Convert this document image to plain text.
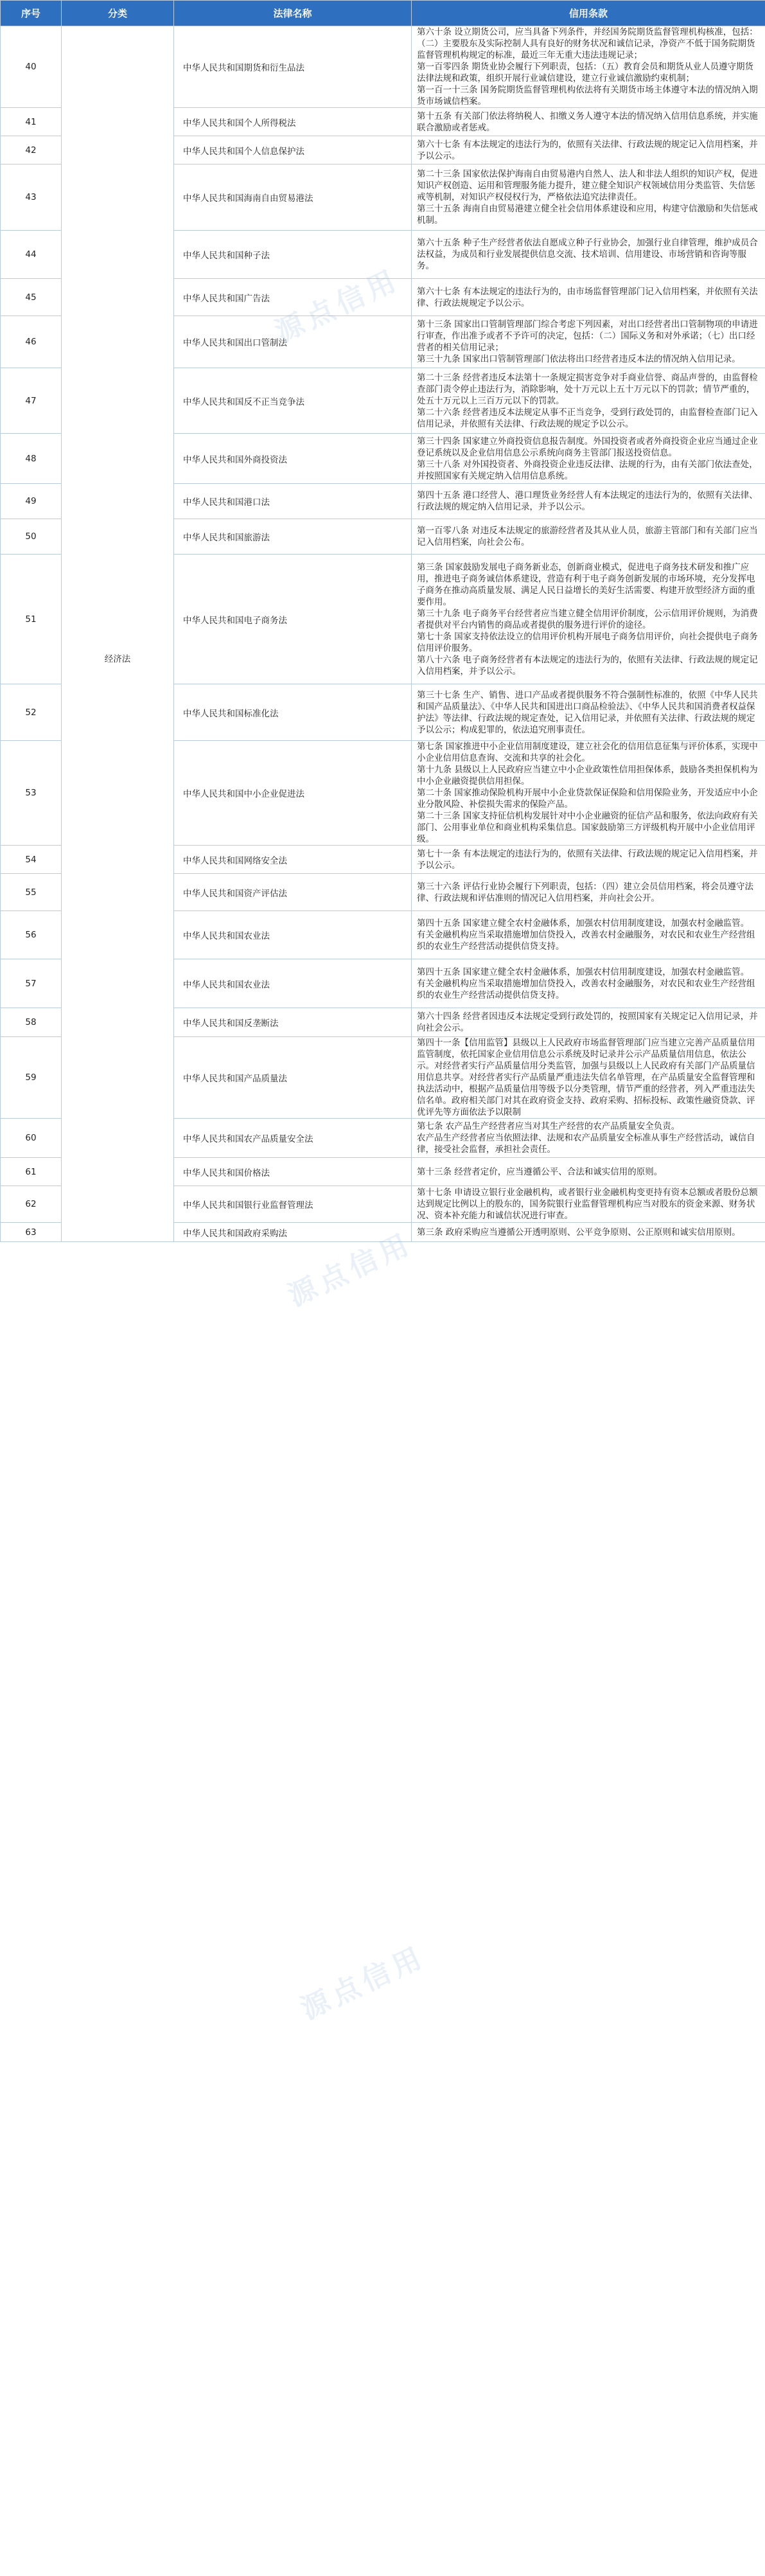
序号	分类	法律名称	信用条款
40	经济法	中华人民共和国期货和衍生品法	第六十条 设立期货公司，应当具备下列条件，并经国务院期货监督管理机构核准，包括：（二）主要股东及实际控制人具有良好的财务状况和诚信记录，净资产不低于国务院期货监督管理机构规定的标准，最近三年无重大违法违规记录；

第一百零四条 期货业协会履行下列职责，包括：（五）教育会员和期货从业人员遵守期货法律法规和政策，组织开展行业诚信建设，建立行业诚信激励约束机制；

第一百一十三条 国务院期货监督管理机构依法将有关期货市场主体遵守本法的情况纳入期货市场诚信档案。

41		中华人民共和国个人所得税法	第十五条 有关部门依法将纳税人、扣缴义务人遵守本法的情况纳入信用信息系统，并实施联合激励或者惩戒。

42		中华人民共和国个人信息保护法	第六十七条 有本法规定的违法行为的，依照有关法律、行政法规的规定记入信用档案，并予以公示。

43		中华人民共和国海南自由贸易港法	第二十三条 国家依法保护海南自由贸易港内自然人、法人和非法人组织的知识产权，促进知识产权创造、运用和管理服务能力提升，建立健全知识产权领域信用分类监管、失信惩戒等机制，对知识产权侵权行为，严格依法追究法律责任。

第三十五条 海南自由贸易港建立健全社会信用体系建设和应用，构建守信激励和失信惩戒机制。

44		中华人民共和国种子法	第六十五条 种子生产经营者依法自愿成立种子行业协会，加强行业自律管理，维护成员合法权益，为成员和行业发展提供信息交流、技术培训、信用建设、市场营销和咨询等服务。

45		中华人民共和国广告法	第六十七条 有本法规定的违法行为的，由市场监督管理部门记入信用档案，并依照有关法律、行政法规规定予以公示。

46		中华人民共和国出口管制法	第十三条 国家出口管制管理部门综合考虑下列因素，对出口经营者出口管制物项的申请进行审查，作出准予或者不予许可的决定，包括：（二）国际义务和对外承诺；（七）出口经营者的相关信用记录；

第三十九条 国家出口管制管理部门依法将出口经营者违反本法的情况纳入信用记录。

47		中华人民共和国反不正当竞争法	第二十三条 经营者违反本法第十一条规定损害竞争对手商业信誉、商品声誉的，由监督检查部门责令停止违法行为，消除影响，处十万元以上五十万元以下的罚款；情节严重的，处五十万元以上三百万元以下的罚款。

第二十六条 经营者违反本法规定从事不正当竞争，受到行政处罚的，由监督检查部门记入信用记录，并依照有关法律、行政法规的规定予以公示。

48		中华人民共和国外商投资法	第三十四条 国家建立外商投资信息报告制度。外国投资者或者外商投资企业应当通过企业登记系统以及企业信用信息公示系统向商务主管部门报送投资信息。

第三十八条 对外国投资者、外商投资企业违反法律、法规的行为，由有关部门依法查处，并按照国家有关规定纳入信用信息系统。

49		中华人民共和国港口法	第四十五条 港口经营人、港口理货业务经营人有本法规定的违法行为的，依照有关法律、行政法规的规定纳入信用记录，并予以公示。

50		中华人民共和国旅游法	第一百零八条 对违反本法规定的旅游经营者及其从业人员，旅游主管部门和有关部门应当记入信用档案，向社会公布。

51		中华人民共和国电子商务法	第三条 国家鼓励发展电子商务新业态，创新商业模式，促进电子商务技术研发和推广应用，推进电子商务诚信体系建设，营造有利于电子商务创新发展的市场环境，充分发挥电子商务在推动高质量发展、满足人民日益增长的美好生活需要、构建开放型经济方面的重要作用。

第三十九条 电子商务平台经营者应当建立健全信用评价制度，公示信用评价规则，为消费者提供对平台内销售的商品或者提供的服务进行评价的途径。

第七十条 国家支持依法设立的信用评价机构开展电子商务信用评价，向社会提供电子商务信用评价服务。

第八十六条 电子商务经营者有本法规定的违法行为的，依照有关法律、行政法规的规定记入信用档案，并予以公示。

52		中华人民共和国标准化法	第三十七条 生产、销售、进口产品或者提供服务不符合强制性标准的，依照《中华人民共和国产品质量法》、《中华人民共和国进出口商品检验法》、《中华人民共和国消费者权益保护法》等法律、行政法规的规定查处，记入信用记录，并依照有关法律、行政法规的规定予以公示；构成犯罪的，依法追究刑事责任。

53		中华人民共和国中小企业促进法	第七条 国家推进中小企业信用制度建设，建立社会化的信用信息征集与评价体系，实现中小企业信用信息查询、交流和共享的社会化。

第十九条 县级以上人民政府应当建立中小企业政策性信用担保体系，鼓励各类担保机构为中小企业融资提供信用担保。

第二十条 国家推动保险机构开展中小企业贷款保证保险和信用保险业务，开发适应中小企业分散风险、补偿损失需求的保险产品。

第二十三条 国家支持征信机构发展针对中小企业融资的征信产品和服务，依法向政府有关部门、公用事业单位和商业机构采集信息。国家鼓励第三方评级机构开展中小企业信用评级。

54		中华人民共和国网络安全法	第七十一条 有本法规定的违法行为的，依照有关法律、行政法规的规定记入信用档案，并予以公示。

55		中华人民共和国资产评估法	第三十六条 评估行业协会履行下列职责，包括：（四）建立会员信用档案，将会员遵守法律、行政法规和评估准则的情况记入信用档案，并向社会公开。

56		中华人民共和国农业法	第四十五条 国家建立健全农村金融体系，加强农村信用制度建设，加强农村金融监管。

有关金融机构应当采取措施增加信贷投入，改善农村金融服务，对农民和农业生产经营组织的农业生产经营活动提供信贷支持。

57		中华人民共和国农业法	第四十五条 国家建立健全农村金融体系，加强农村信用制度建设，加强农村金融监管。

有关金融机构应当采取措施增加信贷投入，改善农村金融服务，对农民和农业生产经营组织的农业生产经营活动提供信贷支持。

58		中华人民共和国反垄断法	第六十四条 经营者因违反本法规定受到行政处罚的，按照国家有关规定记入信用记录，并向社会公示。

59		中华人民共和国产品质量法	第四十一条【信用监管】县级以上人民政府市场监督管理部门应当建立完善产品质量信用监管制度，依托国家企业信用信息公示系统及时记录并公示产品质量信用信息，依法公示。对经营者实行产品质量信用分类监管，加强与县级以上人民政府有关部门产品质量信用信息共享。对经营者实行产品质量严重违法失信名单管理，在产品质量安全监督管理和执法活动中，根据产品质量信用等级予以分类管理，情节严重的经营者，列入严重违法失信名单。政府相关部门对其在政府资金支持、政府采购、招标投标、政策性融资贷款、评优评先等方面依法予以限制

60		中华人民共和国农产品质量安全法	第七条 农产品生产经营者应当对其生产经营的农产品质量安全负责。

农产品生产经营者应当依照法律、法规和农产品质量安全标准从事生产经营活动，诚信自律，接受社会监督，承担社会责任。

61		中华人民共和国价格法	第十三条 经营者定价，应当遵循公平、合法和诚实信用的原则。

62		中华人民共和国银行业监督管理法	第十七条 申请设立银行业金融机构，或者银行业金融机构变更持有资本总额或者股份总额达到规定比例以上的股东的，国务院银行业监督管理机构应当对股东的资金来源、财务状况、资本补充能力和诚信状况进行审查。

63		中华人民共和国政府采购法	第三条 政府采购应当遵循公开透明原则、公平竞争原则、公正原则和诚实信用原则。

源点信用
源点信用
源点信用
